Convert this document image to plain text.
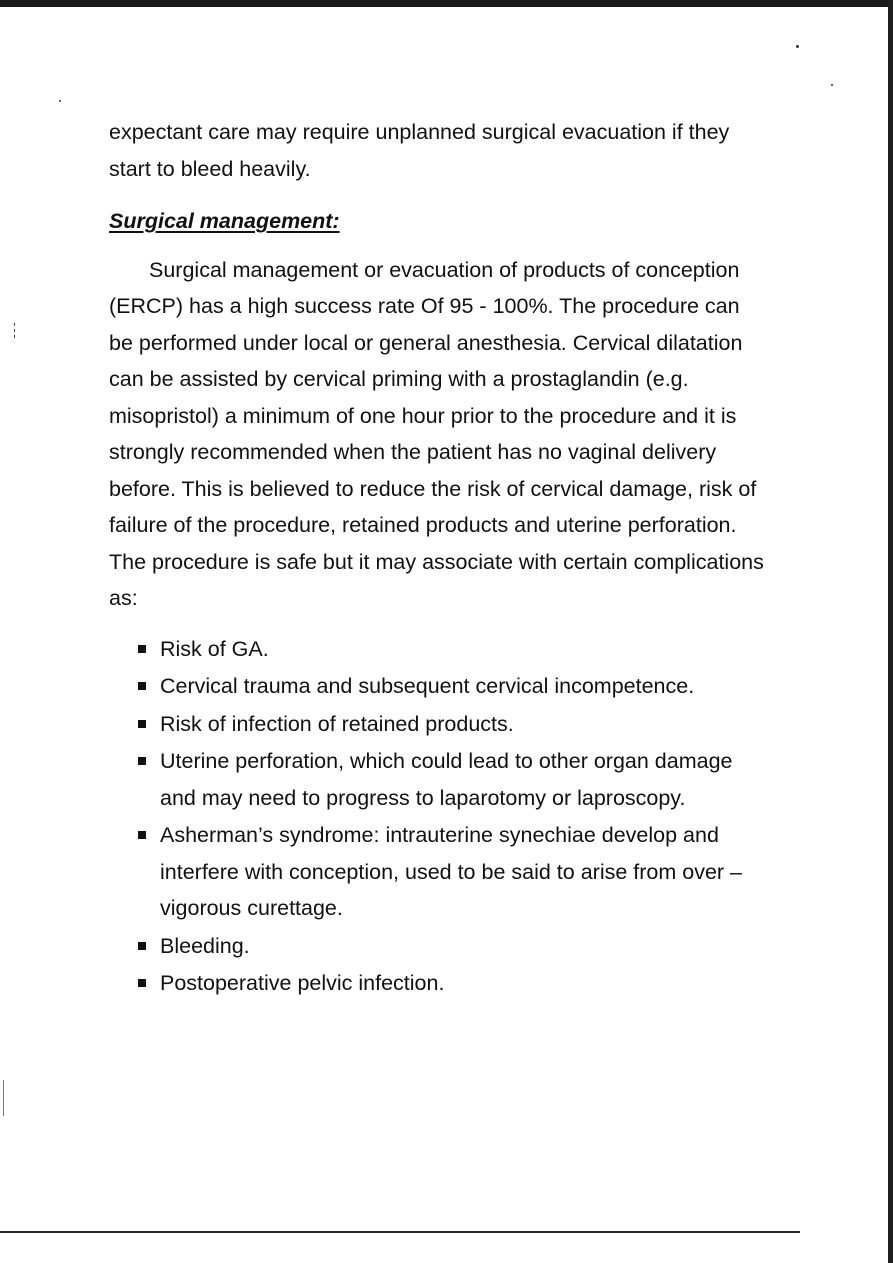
expectant care may require unplanned surgical evacuation if they start to bleed heavily.

Surgical management:

Surgical management or evacuation of products of conception (ERCP) has a high success rate Of 95 - 100%. The procedure can be performed under local or general anesthesia. Cervical dilatation can be assisted by cervical priming with a prostaglandin (e.g. misopristol) a minimum of one hour prior to the procedure and it is strongly recommended when the patient has no vaginal delivery before. This is believed to reduce the risk of cervical damage, risk of failure of the procedure, retained products and uterine perforation. The procedure is safe but it may associate with certain complications as:

Risk of GA.
Cervical trauma and subsequent cervical incompetence.
Risk of infection of retained products.
Uterine perforation, which could lead to other organ damage and may need to progress to laparotomy or laproscopy.
Asherman’s syndrome: intrauterine synechiae develop and interfere with conception, used to be said to arise from over – vigorous curettage.
Bleeding.
Postoperative pelvic infection.
